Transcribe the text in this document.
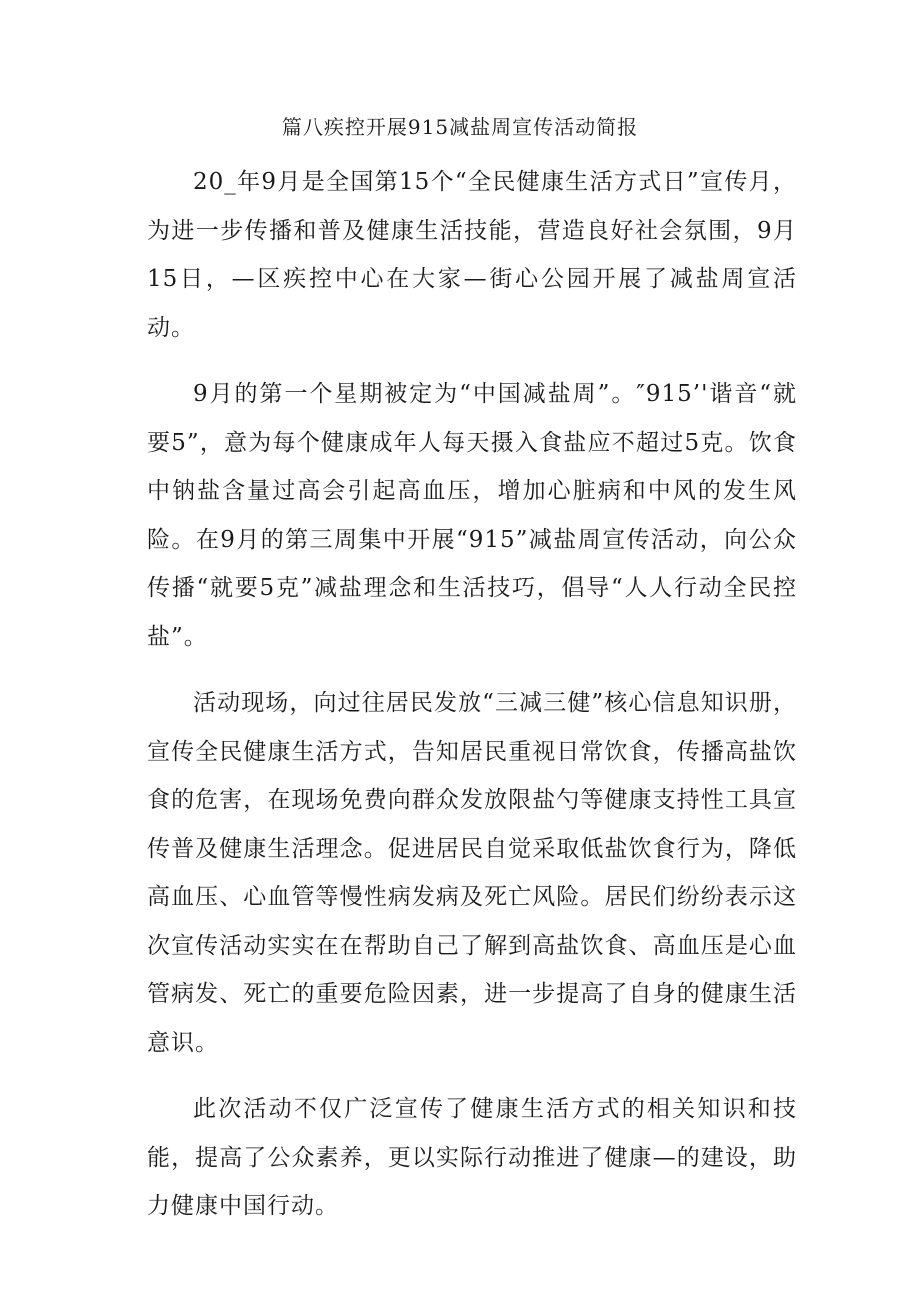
篇八疾控开展915减盐周宣传活动简报

20_年9月是全国第15个“全民健康生活方式日”宣传月，为进一步传播和普及健康生活技能，营造良好社会氛围，9月15日，—区疾控中心在大家—街心公园开展了减盐周宣活动。

9月的第一个星期被定为“中国减盐周”。″915’'谐音“就要5”，意为每个健康成年人每天摄入食盐应不超过5克。饮食中钠盐含量过高会引起高血压，增加心脏病和中风的发生风险。在9月的第三周集中开展“915”减盐周宣传活动，向公众传播“就要5克”减盐理念和生活技巧，倡导“人人行动全民控盐”。

活动现场，向过往居民发放“三减三健”核心信息知识册，宣传全民健康生活方式，告知居民重视日常饮食，传播高盐饮食的危害，在现场免费向群众发放限盐勺等健康支持性工具宣传普及健康生活理念。促进居民自觉采取低盐饮食行为，降低高血压、心血管等慢性病发病及死亡风险。居民们纷纷表示这次宣传活动实实在在帮助自己了解到高盐饮食、高血压是心血管病发、死亡的重要危险因素，进一步提高了自身的健康生活意识。

此次活动不仅广泛宣传了健康生活方式的相关知识和技能，提高了公众素养，更以实际行动推进了健康—的建设，助力健康中国行动。
